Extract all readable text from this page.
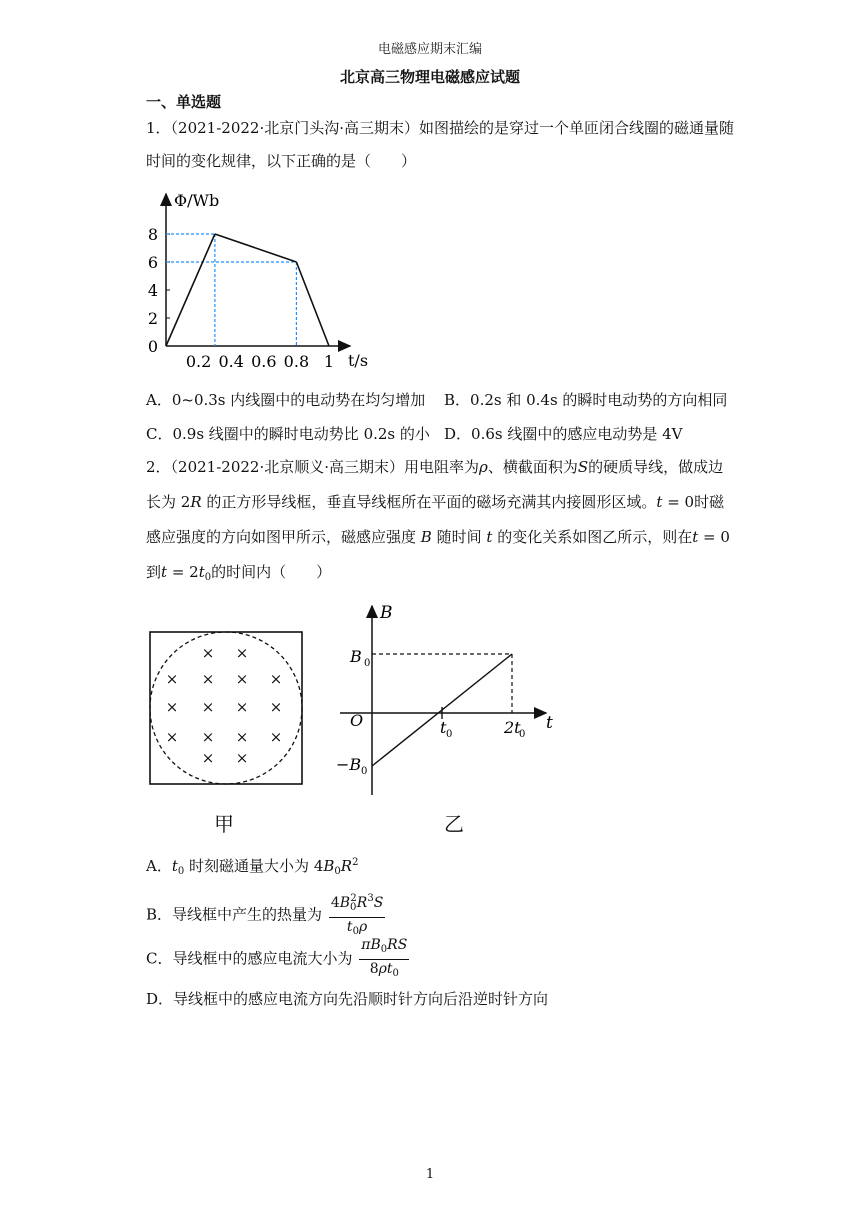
电磁感应期末汇编
北京高三物理电磁感应试题
一、单选题
1．（2021-2022·北京门头沟·高三期末）如图描绘的是穿过一个单匝闭合线圈的磁通量随
时间的变化规律，以下正确的是（　　）
Φ/Wb
t/s
0
2
4
6
8
0.2 0.4 0.6 0.8 1
A．0~0.3s 内线圈中的电动势在均匀增加 B．0.2s 和 0.4s 的瞬时电动势的方向相同
C．0.9s 线圈中的瞬时电动势比 0.2s 的小 D．0.6s 线圈中的感应电动势是 4V
2．（2021-2022·北京顺义·高三期末）用电阻率为ρ、横截面积为S的硬质导线，做成边
长为 2R 的正方形导线框，垂直导线框所在平面的磁场充满其内接圆形区域。t = 0时磁
感应强度的方向如图甲所示，磁感应强度 B 随时间 t 的变化关系如图乙所示，则在t = 0
到$t = 2t_0$的时间内（　　）
× ×
× × × ×
× × × ×
× × × ×
× ×
甲
B
t
B 0
−B 0
O	t 0	2t
0
乙
A．$t_0$ 时刻磁通量大小为 $4B_0R^2$
B．导线框中产生的热量为 $\frac{4B_0^2R^3S}{t_0\rho}$
C．导线框中的感应电流大小为 $\frac{\pi B_0RS}{8\rho t_0}$
D．导线框中的感应电流方向先沿顺时针方向后沿逆时针方向
1
